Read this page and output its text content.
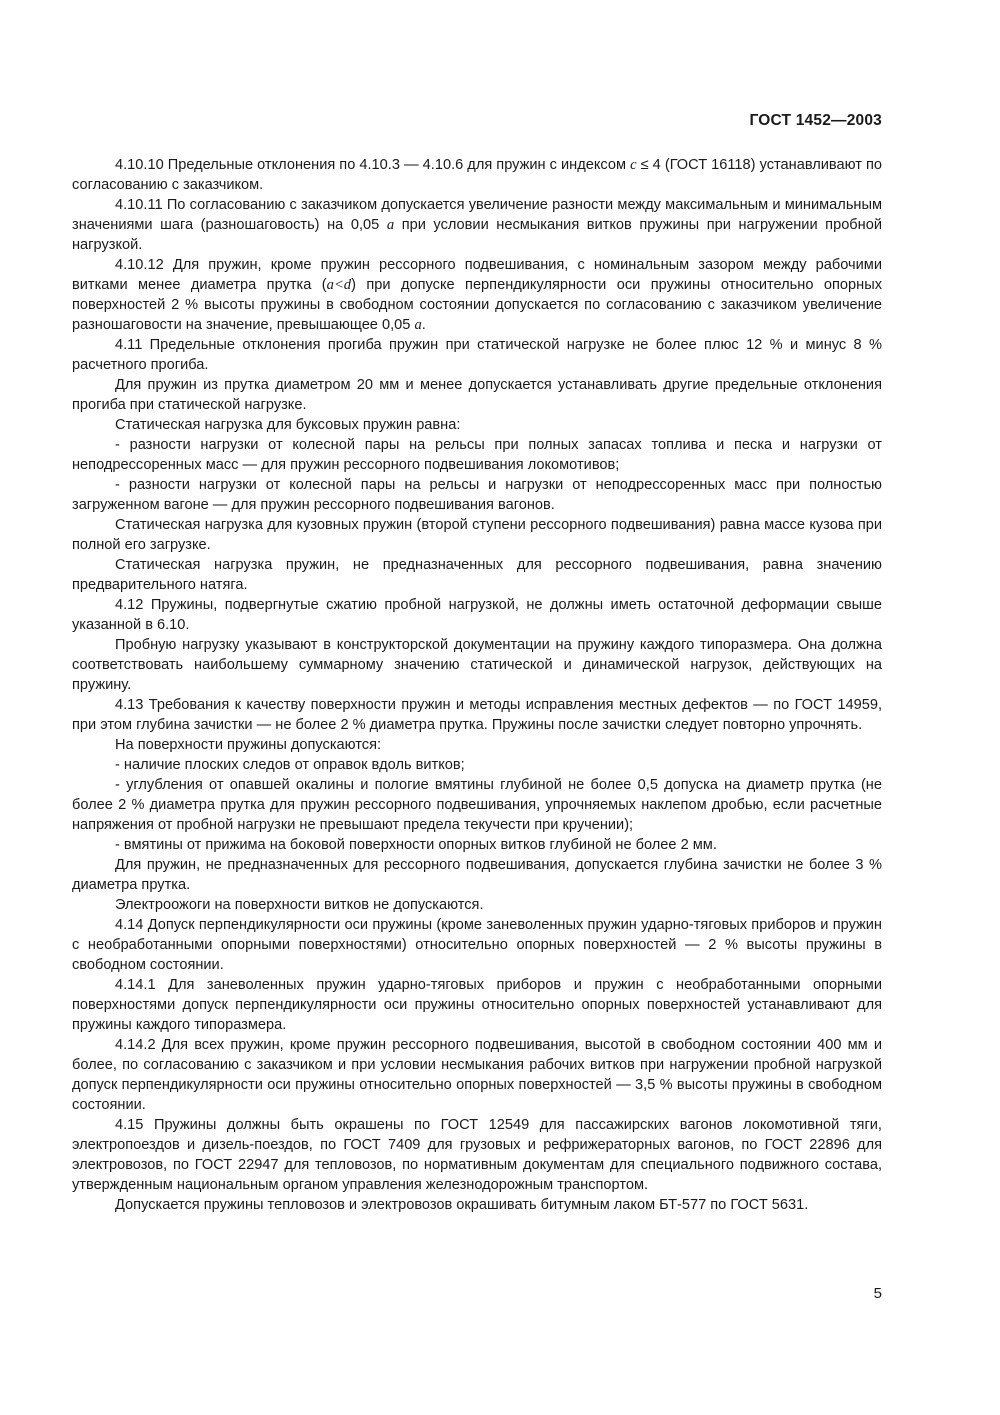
ГОСТ 1452—2003

4.10.10 Предельные отклонения по 4.10.3 — 4.10.6 для пружин с индексом c ≤ 4 (ГОСТ 16118) устанавливают по согласованию с заказчиком.

4.10.11 По согласованию с заказчиком допускается увеличение разности между максимальным и минимальным значениями шага (разношаговость) на 0,05 a при условии несмыкания витков пружины при нагружении пробной нагрузкой.

4.10.12 Для пружин, кроме пружин рессорного подвешивания, с номинальным зазором между рабочими витками менее диаметра прутка (a<d) при допуске перпендикулярности оси пружины относительно опорных поверхностей 2 % высоты пружины в свободном состоянии допускается по согласованию с заказчиком увеличение разношаговости на значение, превышающее 0,05 a.

4.11 Предельные отклонения прогиба пружин при статической нагрузке не более плюс 12 % и минус 8 % расчетного прогиба.

Для пружин из прутка диаметром 20 мм и менее допускается устанавливать другие предельные отклонения прогиба при статической нагрузке.

Статическая нагрузка для буксовых пружин равна:

- разности нагрузки от колесной пары на рельсы при полных запасах топлива и песка и нагрузки от неподрессоренных масс — для пружин рессорного подвешивания локомотивов;

- разности нагрузки от колесной пары на рельсы и нагрузки от неподрессоренных масс при полностью загруженном вагоне — для пружин рессорного подвешивания вагонов.

Статическая нагрузка для кузовных пружин (второй ступени рессорного подвешивания) равна массе кузова при полной его загрузке.

Статическая нагрузка пружин, не предназначенных для рессорного подвешивания, равна значению предварительного натяга.

4.12 Пружины, подвергнутые сжатию пробной нагрузкой, не должны иметь остаточной деформации свыше указанной в 6.10.

Пробную нагрузку указывают в конструкторской документации на пружину каждого типоразмера. Она должна соответствовать наибольшему суммарному значению статической и динамической нагрузок, действующих на пружину.

4.13 Требования к качеству поверхности пружин и методы исправления местных дефектов — по ГОСТ 14959, при этом глубина зачистки — не более 2 % диаметра прутка. Пружины после зачистки следует повторно упрочнять.

На поверхности пружины допускаются:

- наличие плоских следов от оправок вдоль витков;

- углубления от опавшей окалины и пологие вмятины глубиной не более 0,5 допуска на диаметр прутка (не более 2 % диаметра прутка для пружин рессорного подвешивания, упрочняемых наклепом дробью, если расчетные напряжения от пробной нагрузки не превышают предела текучести при кручении);

- вмятины от прижима на боковой поверхности опорных витков глубиной не более 2 мм.

Для пружин, не предназначенных для рессорного подвешивания, допускается глубина зачистки не более 3 % диаметра прутка.

Электроожоги на поверхности витков не допускаются.

4.14 Допуск перпендикулярности оси пружины (кроме заневоленных пружин ударно-тяговых приборов и пружин с необработанными опорными поверхностями) относительно опорных поверхностей — 2 % высоты пружины в свободном состоянии.

4.14.1 Для заневоленных пружин ударно-тяговых приборов и пружин с необработанными опорными поверхностями допуск перпендикулярности оси пружины относительно опорных поверхностей устанавливают для пружины каждого типоразмера.

4.14.2 Для всех пружин, кроме пружин рессорного подвешивания, высотой в свободном состоянии 400 мм и более, по согласованию с заказчиком и при условии несмыкания рабочих витков при нагружении пробной нагрузкой допуск перпендикулярности оси пружины относительно опорных поверхностей — 3,5 % высоты пружины в свободном состоянии.

4.15 Пружины должны быть окрашены по ГОСТ 12549 для пассажирских вагонов локомотивной тяги, электропоездов и дизель-поездов, по ГОСТ 7409 для грузовых и рефрижераторных вагонов, по ГОСТ 22896 для электровозов, по ГОСТ 22947 для тепловозов, по нормативным документам для специального подвижного состава, утвержденным национальным органом управления железнодорожным транспортом.

Допускается пружины тепловозов и электровозов окрашивать битумным лаком БТ-577 по ГОСТ 5631.

5
